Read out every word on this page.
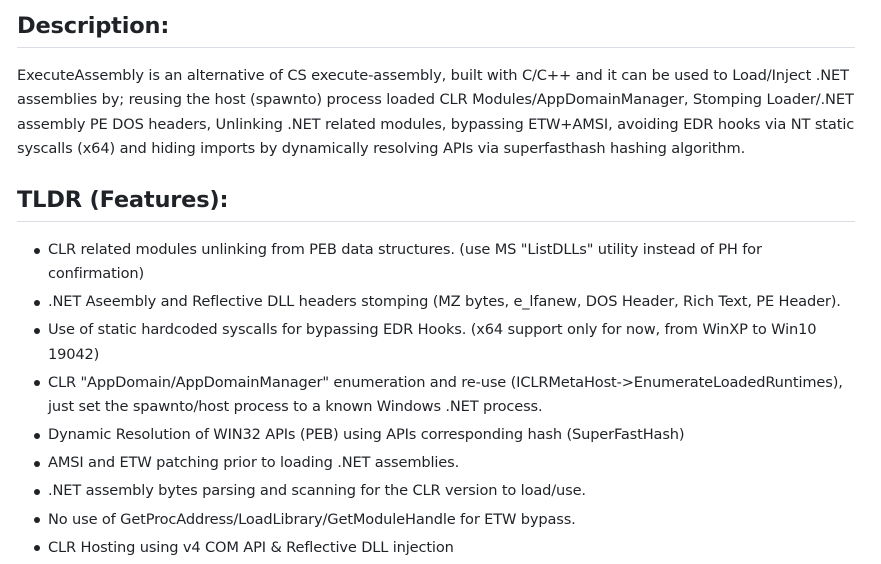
Description:

ExecuteAssembly is an alternative of CS execute-assembly, built with C/C++ and it can be used to Load/Inject .NET assemblies by; reusing the host (spawnto) process loaded CLR Modules/AppDomainManager, Stomping Loader/.NET assembly PE DOS headers, Unlinking .NET related modules, bypassing ETW+AMSI, avoiding EDR hooks via NT static syscalls (x64) and hiding imports by dynamically resolving APIs via superfasthash hashing algorithm.

TLDR (Features):
CLR related modules unlinking from PEB data structures. (use MS "ListDLLs" utility instead of PH for confirmation)
.NET Aseembly and Reflective DLL headers stomping (MZ bytes, e_lfanew, DOS Header, Rich Text, PE Header).
Use of static hardcoded syscalls for bypassing EDR Hooks. (x64 support only for now, from WinXP to Win10 19042)
CLR "AppDomain/AppDomainManager" enumeration and re-use (ICLRMetaHost->EnumerateLoadedRuntimes), just set the spawnto/host process to a known Windows .NET process.
Dynamic Resolution of WIN32 APIs (PEB) using APIs corresponding hash (SuperFastHash)
AMSI and ETW patching prior to loading .NET assemblies.
.NET assembly bytes parsing and scanning for the CLR version to load/use.
No use of GetProcAddress/LoadLibrary/GetModuleHandle for ETW bypass.
CLR Hosting using v4 COM API & Reflective DLL injection
